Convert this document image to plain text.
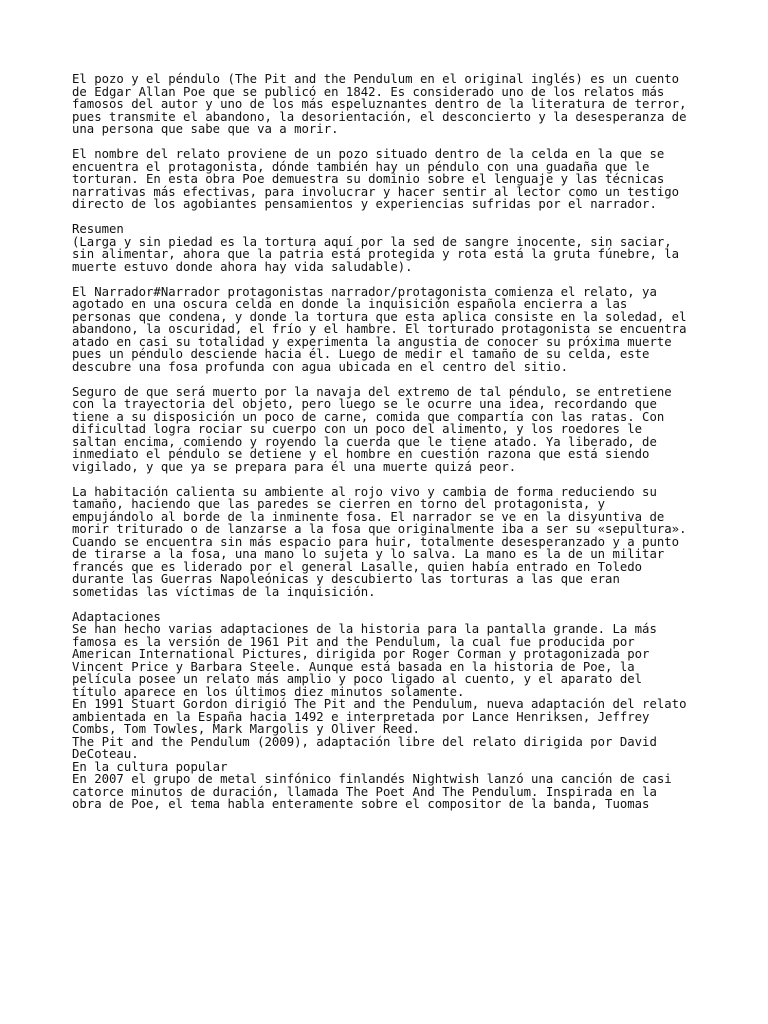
El pozo y el péndulo (The Pit and the Pendulum en el original inglés) es un cuento
de Edgar Allan Poe que se publicó en 1842. Es considerado uno de los relatos más
famosos del autor y uno de los más espeluznantes dentro de la literatura de terror,
pues transmite el abandono, la desorientación, el desconcierto y la desesperanza de
una persona que sabe que va a morir.
El nombre del relato proviene de un pozo situado dentro de la celda en la que se
encuentra el protagonista, dónde también hay un péndulo con una guadaña que le
torturan. En esta obra Poe demuestra su dominio sobre el lenguaje y las técnicas
narrativas más efectivas, para involucrar y hacer sentir al lector como un testigo
directo de los agobiantes pensamientos y experiencias sufridas por el narrador.
Resumen
(Larga y sin piedad es la tortura aquí por la sed de sangre inocente, sin saciar,
sin alimentar, ahora que la patria está protegida y rota está la gruta fúnebre, la
muerte estuvo donde ahora hay vida saludable).
El Narrador#Narrador protagonistas narrador/protagonista comienza el relato, ya
agotado en una oscura celda en donde la inquisición española encierra a las
personas que condena, y donde la tortura que esta aplica consiste en la soledad, el
abandono, la oscuridad, el frío y el hambre. El torturado protagonista se encuentra
atado en casi su totalidad y experimenta la angustia de conocer su próxima muerte
pues un péndulo desciende hacia él. Luego de medir el tamaño de su celda, este
descubre una fosa profunda con agua ubicada en el centro del sitio.
Seguro de que será muerto por la navaja del extremo de tal péndulo, se entretiene
con la trayectoria del objeto, pero luego se le ocurre una idea, recordando que
tiene a su disposición un poco de carne, comida que compartía con las ratas. Con
dificultad logra rociar su cuerpo con un poco del alimento, y los roedores le
saltan encima, comiendo y royendo la cuerda que le tiene atado. Ya liberado, de
inmediato el péndulo se detiene y el hombre en cuestión razona que está siendo
vigilado, y que ya se prepara para él una muerte quizá peor.
La habitación calienta su ambiente al rojo vivo y cambia de forma reduciendo su
tamaño, haciendo que las paredes se cierren en torno del protagonista, y
empujándolo al borde de la inminente fosa. El narrador se ve en la disyuntiva de
morir triturado o de lanzarse a la fosa que originalmente iba a ser su «sepultura».
Cuando se encuentra sin más espacio para huir, totalmente desesperanzado y a punto
de tirarse a la fosa, una mano lo sujeta y lo salva. La mano es la de un militar
francés que es liderado por el general Lasalle, quien había entrado en Toledo
durante las Guerras Napoleónicas y descubierto las torturas a las que eran
sometidas las víctimas de la inquisición.
Adaptaciones
Se han hecho varias adaptaciones de la historia para la pantalla grande. La más
famosa es la versión de 1961 Pit and the Pendulum, la cual fue producida por
American International Pictures, dirigida por Roger Corman y protagonizada por
Vincent Price y Barbara Steele. Aunque está basada en la historia de Poe, la
película posee un relato más amplio y poco ligado al cuento, y el aparato del
título aparece en los últimos diez minutos solamente.
En 1991 Stuart Gordon dirigió The Pit and the Pendulum, nueva adaptación del relato
ambientada en la España hacia 1492 e interpretada por Lance Henriksen, Jeffrey
Combs, Tom Towles, Mark Margolis y Oliver Reed.
The Pit and the Pendulum (2009), adaptación libre del relato dirigida por David
DeCoteau.
En la cultura popular
En 2007 el grupo de metal sinfónico finlandés Nightwish lanzó una canción de casi
catorce minutos de duración, llamada The Poet And The Pendulum. Inspirada en la
obra de Poe, el tema habla enteramente sobre el compositor de la banda, Tuomas
